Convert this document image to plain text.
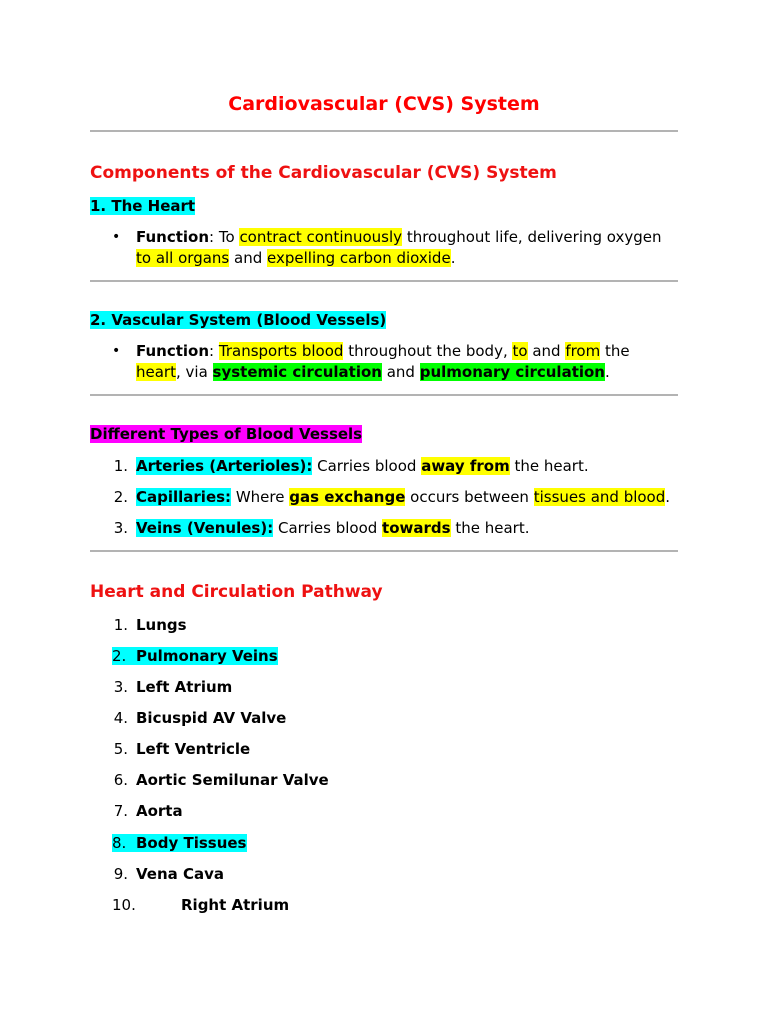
Cardiovascular (CVS) System
Components of the Cardiovascular (CVS) System
1. The Heart
• Function: To contract continuously throughout life, delivering oxygen
to all organs and expelling carbon dioxide.
2. Vascular System (Blood Vessels)
• Function: Transports blood throughout the body, to and from the
heart, via systemic circulation and pulmonary circulation.
Different Types of Blood Vessels
1. Arteries (Arterioles): Carries blood away from the heart.
2. Capillaries: Where gas exchange occurs between tissues and blood.
3. Veins (Venules): Carries blood towards the heart.
Heart and Circulation Pathway
1. Lungs
2. Pulmonary Veins
3. Left Atrium
4. Bicuspid AV Valve
5. Left Ventricle
6. Aortic Semilunar Valve
7. Aorta
8. Body Tissues
9. Vena Cava
10.	Right Atrium
